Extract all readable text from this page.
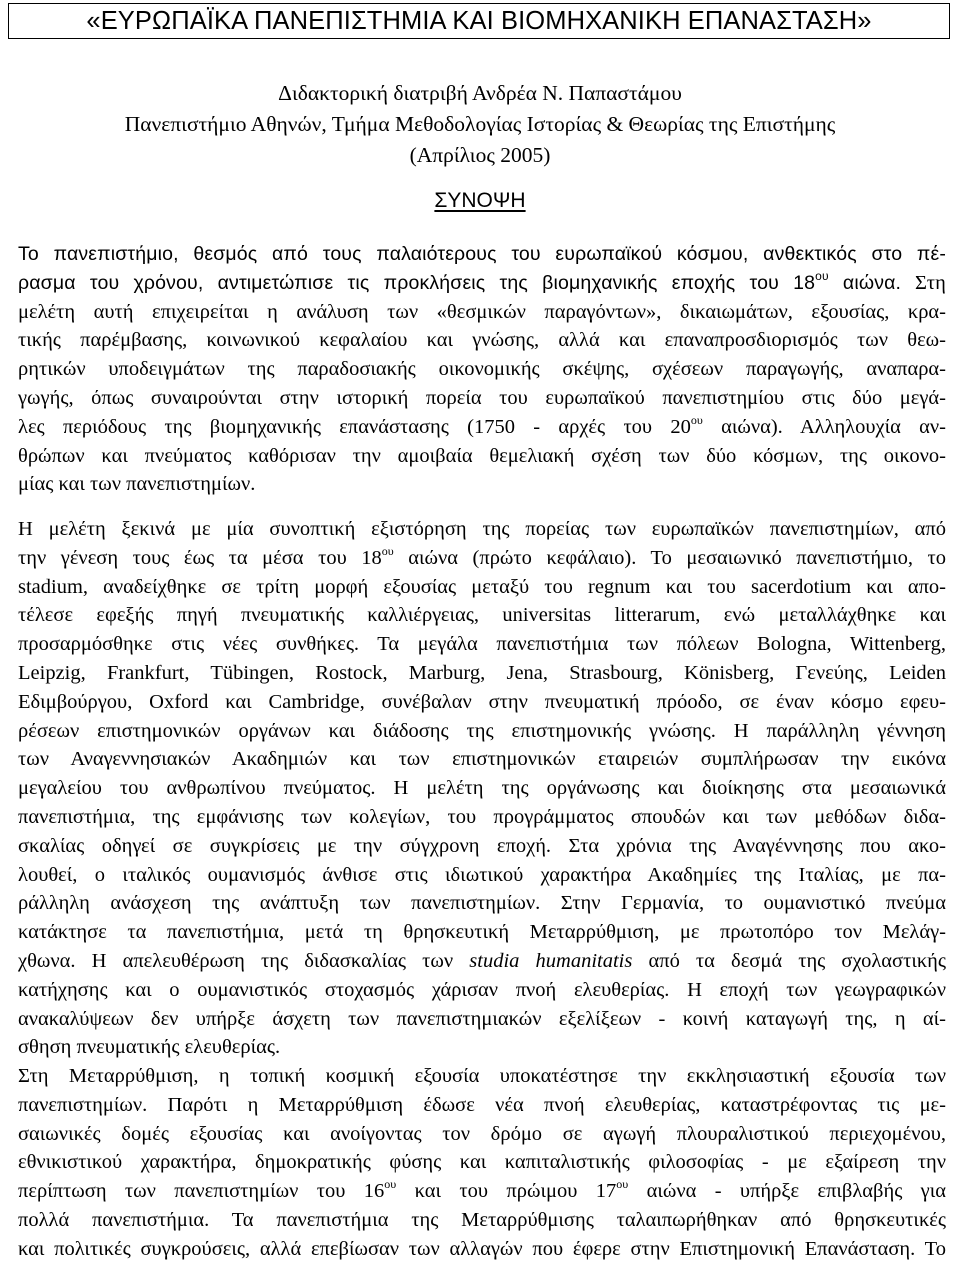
«ΕΥΡΩΠΑΪΚΑ ΠΑΝΕΠΙΣΤΗΜΙΑ ΚΑΙ ΒΙΟΜΗΧΑΝΙΚΗ ΕΠΑΝΑΣΤΑΣΗ»
Διδακτορική διατριβή Ανδρέα Ν. Παπαστάμου
Πανεπιστήμιο Αθηνών, Τμήμα Μεθοδολογίας Ιστορίας & Θεωρίας της Επιστήμης
(Απρίλιος 2005)
ΣΥΝΟΨΗ
Το πανεπιστήμιο, θεσμός από τους παλαιότερους του ευρωπαϊκού κόσμου, ανθεκτικός στο πέ-
ρασμα του χρόνου, αντιμετώπισε τις προκλήσεις της βιομηχανικής εποχής του $18^{o\upsilon}$ αιώνα. Στη
μελέτη αυτή επιχειρείται η ανάλυση των «θεσμικών παραγόντων», δικαιωμάτων, εξουσίας, κρα-
τικής παρέμβασης, κοινωνικού κεφαλαίου και γνώσης, αλλά και επαναπροσδιορισμός των θεω-
ρητικών υποδειγμάτων της παραδοσιακής οικονομικής σκέψης, σχέσεων παραγωγής, αναπαρα-
γωγής, όπως συναιρούνται στην ιστορική πορεία του ευρωπαϊκού πανεπιστημίου στις δύο μεγά-
λες περιόδους της βιομηχανικής επανάστασης (1750 - αρχές του $20^{o\upsilon}$ αιώνα). Αλληλουχία αν-
θρώπων και πνεύματος καθόρισαν την αμοιβαία θεμελιακή σχέση των δύο κόσμων, της οικονο-
μίας και των πανεπιστημίων.
Η μελέτη ξεκινά με μία συνοπτική εξιστόρηση της πορείας των ευρωπαϊκών πανεπιστημίων, από
την γένεση τους έως τα μέσα του $18^{o\upsilon}$ αιώνα (πρώτο κεφάλαιο). Το μεσαιωνικό πανεπιστήμιο, το
stadium, αναδείχθηκε σε τρίτη μορφή εξουσίας μεταξύ του regnum και του sacerdotium και απο-
τέλεσε εφεξής πηγή πνευματικής καλλιέργειας, universitas litterarum, ενώ μεταλλάχθηκε και
προσαρμόσθηκε στις νέες συνθήκες. Τα μεγάλα πανεπιστήμια των πόλεων Bologna, Wittenberg,
Leipzig, Frankfurt, Tübingen, Rostock, Marburg, Jena, Strasbourg, Könisberg, Γενεύης, Leiden
Εδιμβούργου, Oxford και Cambridge, συνέβαλαν στην πνευματική πρόοδο, σε έναν κόσμο εφευ-
ρέσεων επιστημονικών οργάνων και διάδοσης της επιστημονικής γνώσης. Η παράλληλη γέννηση
των Αναγεννησιακών Ακαδημιών και των επιστημονικών εταιρειών συμπλήρωσαν την εικόνα
μεγαλείου του ανθρωπίνου πνεύματος. Η μελέτη της οργάνωσης και διοίκησης στα μεσαιωνικά
πανεπιστήμια, της εμφάνισης των κολεγίων, του προγράμματος σπουδών και των μεθόδων διδα-
σκαλίας οδηγεί σε συγκρίσεις με την σύγχρονη εποχή. Στα χρόνια της Αναγέννησης που ακο-
λουθεί, ο ιταλικός ουμανισμός άνθισε στις ιδιωτικού χαρακτήρα Ακαδημίες της Ιταλίας, με πα-
ράλληλη ανάσχεση της ανάπτυξη των πανεπιστημίων. Στην Γερμανία, το ουμανιστικό πνεύμα
κατάκτησε τα πανεπιστήμια, μετά τη θρησκευτική Μεταρρύθμιση, με πρωτοπόρο τον Μελάγ-
χθωνα. Η απελευθέρωση της διδασκαλίας των studia humanitatis από τα δεσμά της σχολαστικής
κατήχησης και ο ουμανιστικός στοχασμός χάρισαν πνοή ελευθερίας. Η εποχή των γεωγραφικών
ανακαλύψεων δεν υπήρξε άσχετη των πανεπιστημιακών εξελίξεων - κοινή καταγωγή της, η αί-
σθηση πνευματικής ελευθερίας.
Στη Μεταρρύθμιση, η τοπική κοσμική εξουσία υποκατέστησε την εκκλησιαστική εξουσία των
πανεπιστημίων. Παρότι η Μεταρρύθμιση έδωσε νέα πνοή ελευθερίας, καταστρέφοντας τις με-
σαιωνικές δομές εξουσίας και ανοίγοντας τον δρόμο σε αγωγή πλουραλιστικού περιεχομένου,
εθνικιστικού χαρακτήρα, δημοκρατικής φύσης και καπιταλιστικής φιλοσοφίας - με εξαίρεση την
περίπτωση των πανεπιστημίων του $16^{o\upsilon}$ και του πρώιμου $17^{o\upsilon}$ αιώνα - υπήρξε επιβλαβής για
πολλά πανεπιστήμια. Τα πανεπιστήμια της Μεταρρύθμισης ταλαιπωρήθηκαν από θρησκευτικές
και πολιτικές συγκρούσεις, αλλά επεβίωσαν των αλλαγών που έφερε στην Επιστημονική Επανάσταση. Το
